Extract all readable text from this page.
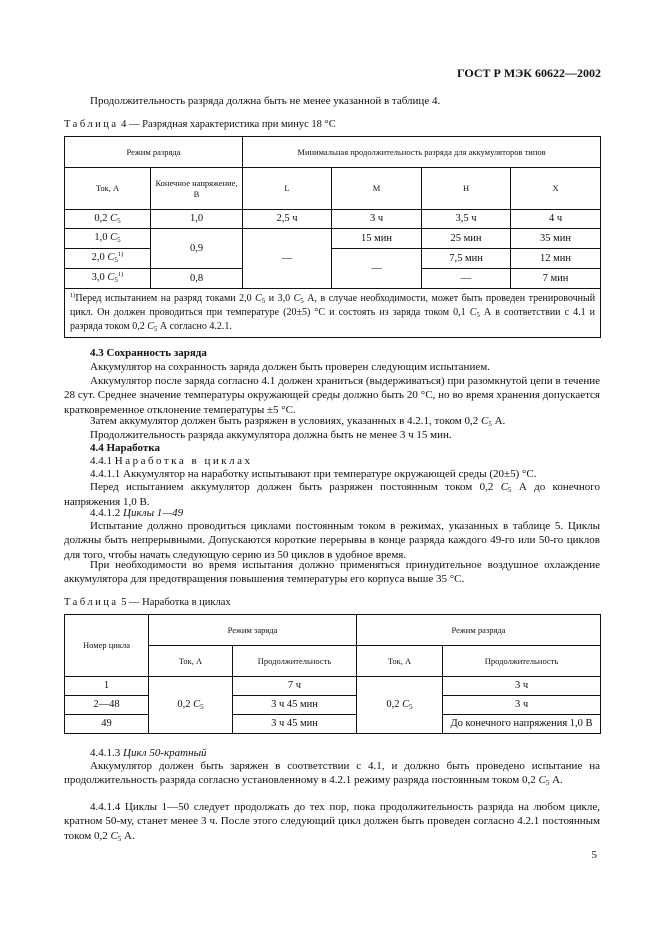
ГОСТ Р МЭК 60622—2002
Продолжительность разряда должна быть не менее указанной в таблице 4.
Таблица 4 — Разрядная характеристика при минус 18 °С
Режим разряда		Минимальная продолжительность разряда для аккумуляторов типов			
Ток, А	Конечное напряжение, В	L	M	H	X
0,2 $C_5$	1,0	2,5 ч	3 ч	3,5 ч	4 ч
1,0 $C_5$	0,9	—	15 мин	25 мин	35 мин
2,0 $C_5^{1)}$			—	7,5 мин	12 мин
3,0 $C_5^{1)}$	0,8			—	7 мин
$^{1)}$Перед испытанием на разряд токами 2,0 $C_5$ и 3,0 $C_5$ А, в случае необходимости, может быть проведен тренировочный цикл. Он должен проводиться при температуре (20±5) °С и состоять из заряда током 0,1 $C_5$ А в соответствии с 4.1 и разряда током 0,2 $C_5$ А согласно 4.2.1.					
4.3 Сохранность заряда
Аккумулятор на сохранность заряда должен быть проверен следующим испытанием.
Аккумулятор после заряда согласно 4.1 должен храниться (выдерживаться) при разомкнутой цепи в течение 28 сут. Среднее значение температуры окружающей среды должно быть 20 °С, но во время хранения допускается кратковременное отклонение температуры ±5 °С.
Затем аккумулятор должен быть разряжен в условиях, указанных в 4.2.1, током 0,2 $C_5$ А.
Продолжительность разряда аккумулятора должна быть не менее 3 ч 15 мин.
4.4 Наработка
4.4.1 Наработка в циклах
4.4.1.1 Аккумулятор на наработку испытывают при температуре окружающей среды (20±5) °С.
Перед испытанием аккумулятор должен быть разряжен постоянным током 0,2 $C_5$ А до конечного напряжения 1,0 В.
4.4.1.2 Циклы 1—49
Испытание должно проводиться циклами постоянным током в режимах, указанных в таблице 5. Циклы должны быть непрерывными. Допускаются короткие перерывы в конце разряда каждого 49-го или 50-го циклов для того, чтобы начать следующую серию из 50 циклов в удобное время.
При необходимости во время испытания должно применяться принудительное воздушное охлаждение аккумулятора для предотвращения повышения температуры его корпуса выше 35 °С.
Таблица 5 — Наработка в циклах
Номер цикла	Режим заряда		Режим разряда	
	Ток, А	Продолжительность	Ток, А	Продолжительность
1	0,2 $C_5$	7 ч	0,2 $C_5$	3 ч
2—48		3 ч 45 мин		3 ч
49		3 ч 45 мин		До конечного напряжения 1,0 В
4.4.1.3 Цикл 50-кратный
Аккумулятор должен быть заряжен в соответствии с 4.1, и должно быть проведено испытание на продолжительность разряда согласно установленному в 4.2.1 режиму разряда постоянным током 0,2 $C_5$ А.
4.4.1.4 Циклы 1—50 следует продолжать до тех пор, пока продолжительность разряда на любом цикле, кратном 50-му, станет менее 3 ч. После этого следующий цикл должен быть проведен согласно 4.2.1 постоянным током 0,2 $C_5$ А.
5
